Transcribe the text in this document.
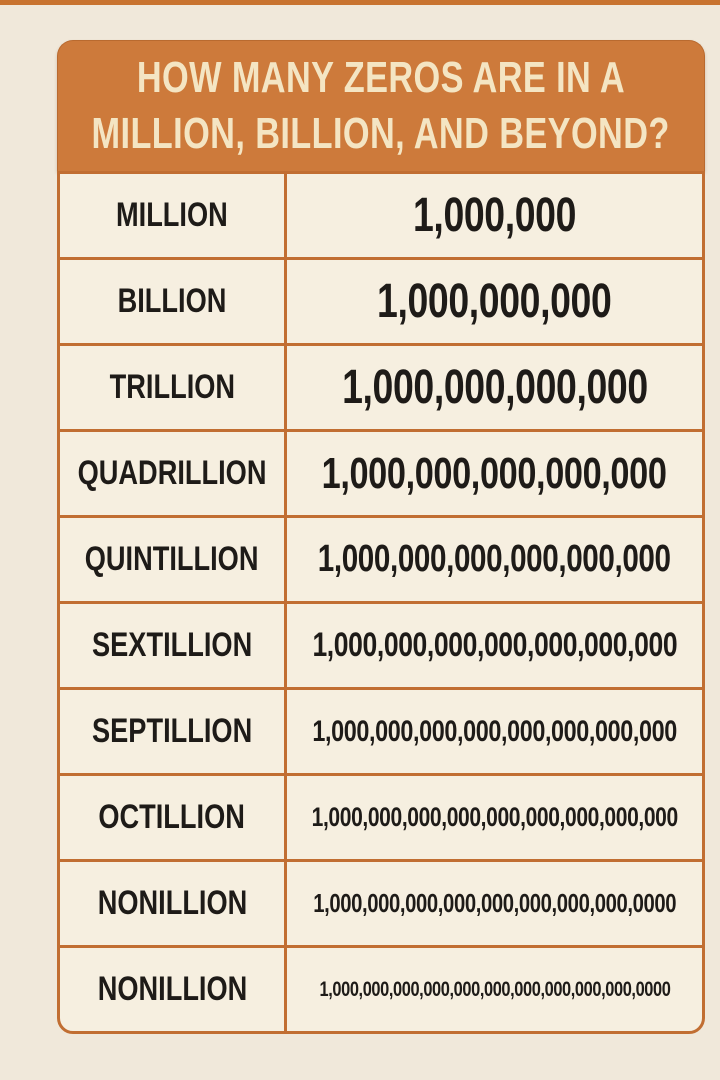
HOW MANY ZEROS ARE IN A
MILLION, BILLION, AND BEYOND?
MILLION	1,000,000
BILLION	1,000,000,000
TRILLION 1,000,000,000,000
QUADRILLION 1,000,000,000,000,000
QUINTILLION 1,000,000,000,000,000,000
SEXTILLION 1,000,000,000,000,000,000,000
SEPTILLION 1,000,000,000,000,000,000,000,000
OCTILLION 1,000,000,000,000,000,000,000,000,000
NONILLION	1,000,000,000,000,000,000,000,000,0000
NONILLION	1,000,000,000,000,000,000,000,000,000,000,0000
